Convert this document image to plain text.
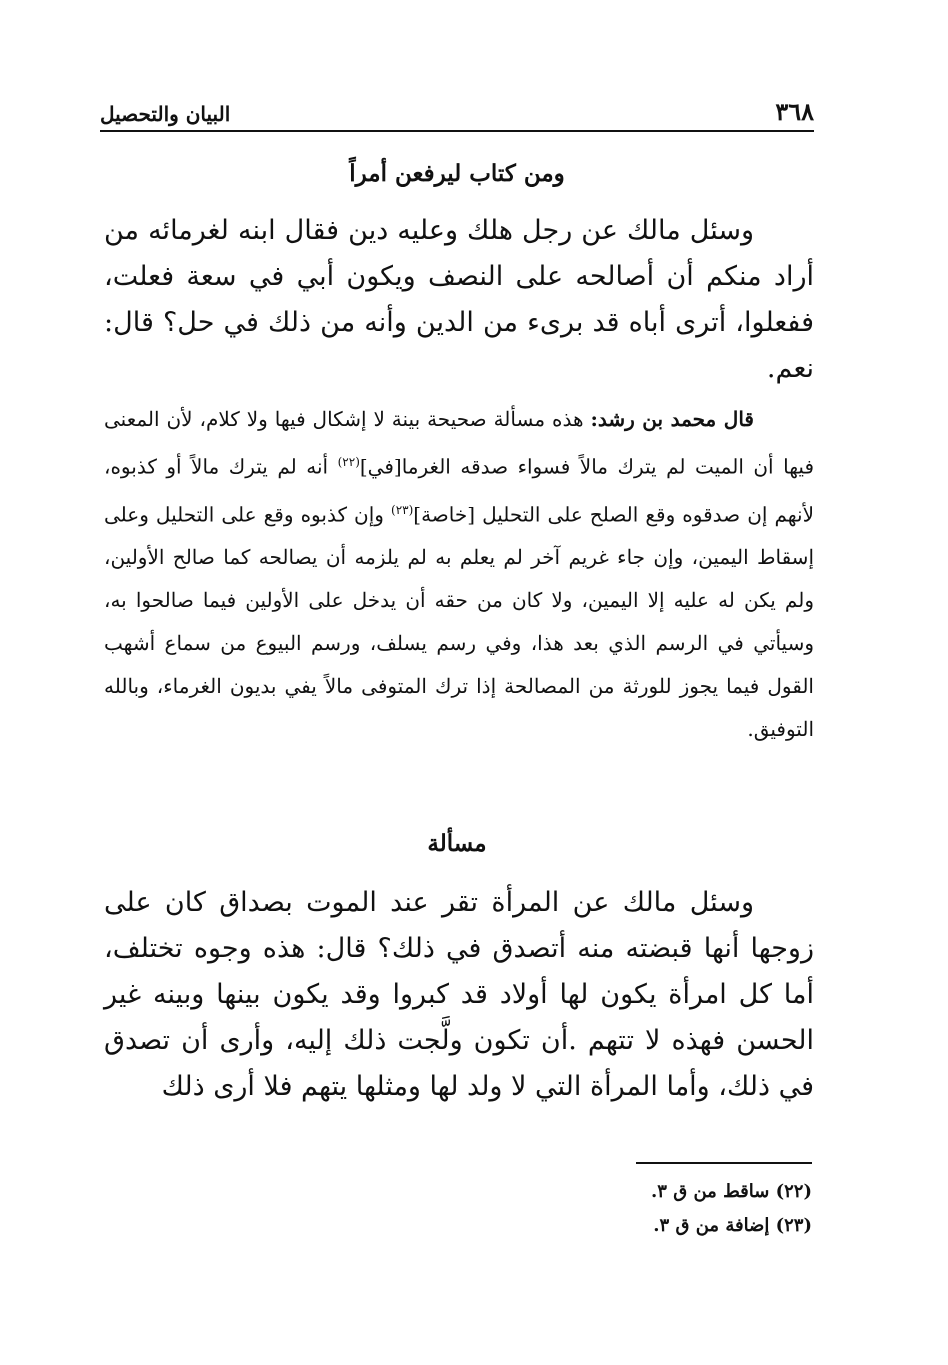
٣٦٨
البيان والتحصيل
ومن كتاب ليرفعن أمراً
وسئل مالك عن رجل هلك وعليه دين فقال ابنه لغرمائه من أراد منكم أن أصالحه على النصف ويكون أبي في سعة فعلت، ففعلوا، أترى أباه قد برىء من الدين وأنه من ذلك في حل؟ قال: نعم.
قال محمد بن رشد: هذه مسألة صحيحة بينة لا إشكال فيها ولا كلام، لأن المعنى فيها أن الميت لم يترك مالاً فسواء صدقه الغرما[في]$^{(٢٢)}$ أنه لم يترك مالاً أو كذبوه، لأنهم إن صدقوه وقع الصلح على التحليل [خاصة]$^{(٢٣)}$ وإن كذبوه وقع على التحليل وعلى إسقاط اليمين، وإن جاء غريم آخر لم يعلم به لم يلزمه أن يصالحه كما صالح الأولين، ولم يكن له عليه إلا اليمين، ولا كان من حقه أن يدخل على الأولين فيما صالحوا به، وسيأتي في الرسم الذي بعد هذا، وفي رسم يسلف، ورسم البيوع من سماع أشهب القول فيما يجوز للورثة من المصالحة إذا ترك المتوفى مالاً يفي بديون الغرماء، وبالله التوفيق.
مسألة
وسئل مالك عن المرأة تقر عند الموت بصداق كان على زوجها أنها قبضته منه أتصدق في ذلك؟ قال: هذه وجوه تختلف، أما كل امرأة يكون لها أولاد قد كبروا وقد يكون بينها وبينه غير الحسن فهذه لا تتهم .أن تكون ولَّجت ذلك إليه، وأرى أن تصدق في ذلك، وأما المرأة التي لا ولد لها ومثلها يتهم فلا أرى ذلك
(٢٢) ساقط من ق ٣.
(٢٣) إضافة من ق ٣.
